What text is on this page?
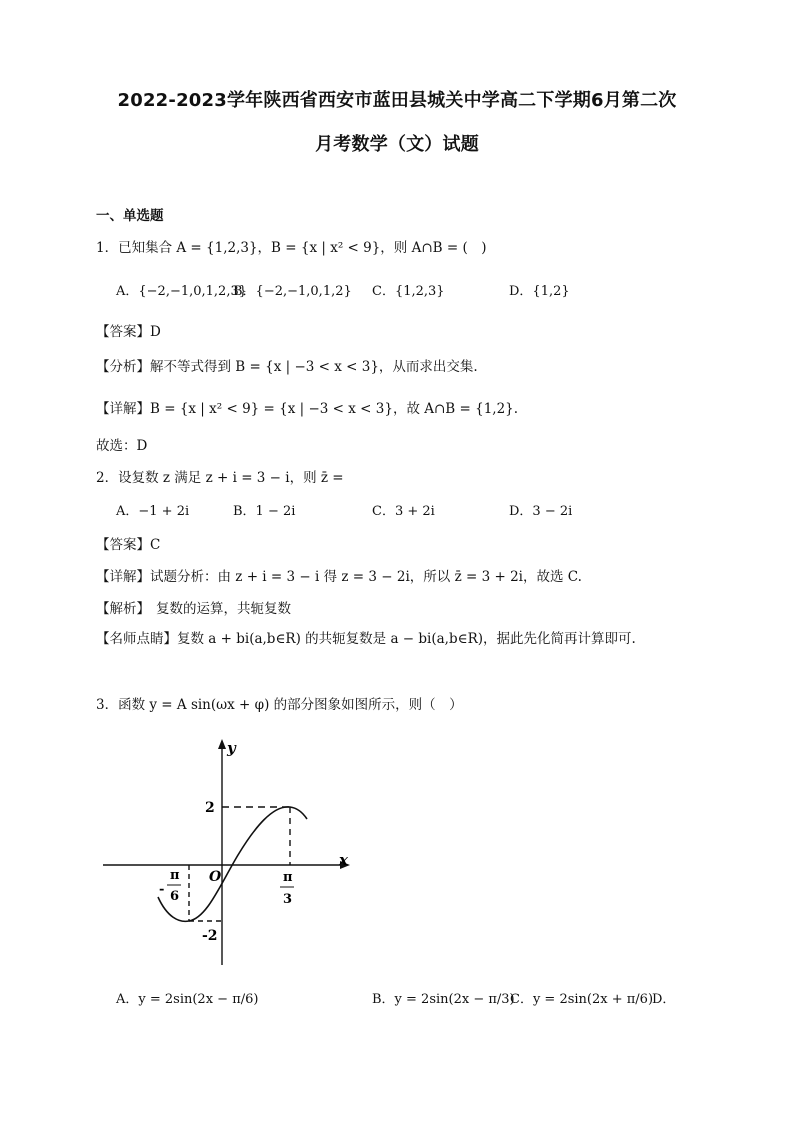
2022-2023学年陕西省西安市蓝田县城关中学高二下学期6月第二次
月考数学（文）试题
一、单选题
1．已知集合 A = {1,2,3}，B = {x | x² < 9}，则 A∩B = (　)
A．{−2,−1,0,1,2,3}
B．{−2,−1,0,1,2} C．{1,2,3}	D．{1,2}
【答案】D
【分析】解不等式得到 B = {x | −3 < x < 3}，从而求出交集.
【详解】B = {x | x² < 9} = {x | −3 < x < 3}，故 A∩B = {1,2}.
故选：D
2．设复数 z 满足 z + i = 3 − i，则 z̄ =
A．−1 + 2i	B．1 − 2i	C．3 + 2i	D．3 − 2i
【答案】C
【详解】试题分析：由 z + i = 3 − i 得 z = 3 − 2i，所以 z̄ = 3 + 2i，故选 C.
【解析】 复数的运算，共轭复数
【名师点睛】复数 a + bi(a,b∈R) 的共轭复数是 a − bi(a,b∈R)，据此先化简再计算即可.
3．函数 y = A sin(ωx + φ) 的部分图象如图所示，则（　）
y
x
O
2
-2
-
π
6
π
3
A．y = 2sin(2x − π/6)	B．y = 2sin(2x − π/3)
C．y = 2sin(2x + π/6)
D．
